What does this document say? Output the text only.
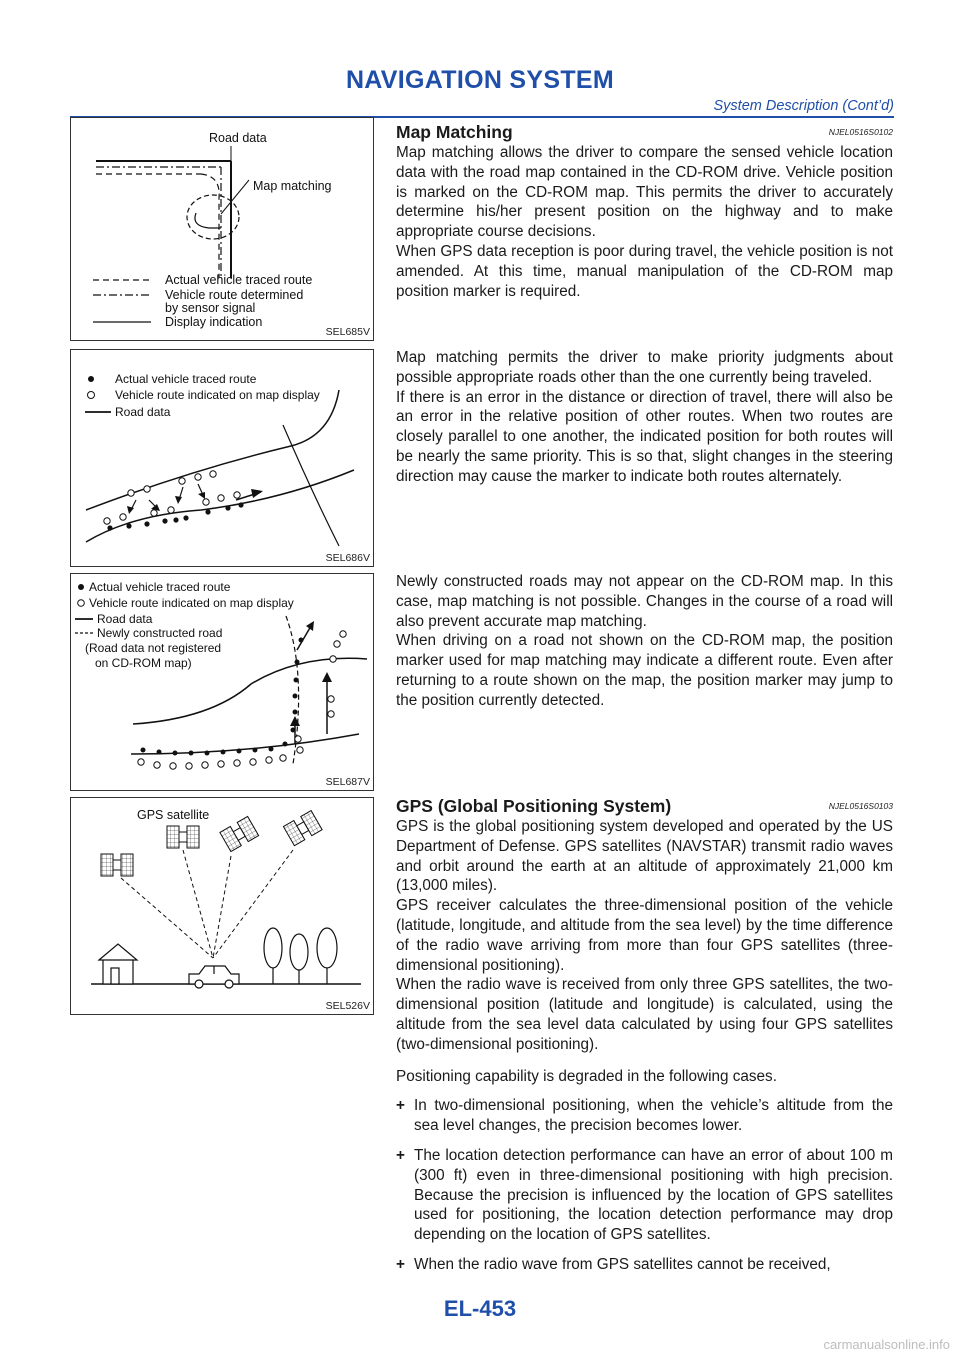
NAVIGATION SYSTEM
System Description (Cont’d)
Road data
Map matching
Actual vehicle traced route
Vehicle route determined
by sensor signal
Display indication
SEL685V
Actual vehicle traced route
Vehicle route indicated on map display
Road data
SEL686V
Actual vehicle traced route
Vehicle route indicated on map display
Road data
Newly constructed road
(Road data not registered
on CD-ROM map)
SEL687V
GPS satellite
SEL526V
Map Matching	NJEL0516S0102

Map matching allows the driver to compare the sensed vehicle location data with the road map contained in the CD-ROM drive. Vehicle position is marked on the CD-ROM map. This permits the driver to accurately determine his/her present position on the highway and to make appropriate course decisions.

When GPS data reception is poor during travel, the vehicle position is not amended. At this time, manual manipulation of the CD-ROM map position marker is required.

Map matching permits the driver to make priority judgments about possible appropriate roads other than the one currently being traveled.

If there is an error in the distance or direction of travel, there will also be an error in the relative position of other routes. When two routes are closely parallel to one another, the indicated position for both routes will be nearly the same priority. This is so that, slight changes in the steering direction may cause the marker to indicate both routes alternately.

Newly constructed roads may not appear on the CD-ROM map. In this case, map matching is not possible. Changes in the course of a road will also prevent accurate map matching.

When driving on a road not shown on the CD-ROM map, the position marker used for map matching may indicate a different route. Even after returning to a route shown on the map, the position marker may jump to the position currently detected.

GPS (Global Positioning System)	NJEL0516S0103

GPS is the global positioning system developed and operated by the US Department of Defense. GPS satellites (NAVSTAR) transmit radio waves and orbit around the earth at an altitude of approximately 21,000 km (13,000 miles).

GPS receiver calculates the three-dimensional position of the vehicle (latitude, longitude, and altitude from the sea level) by the time difference of the radio wave arriving from more than four GPS satellites (three-dimensional positioning).

When the radio wave is received from only three GPS satellites, the two-dimensional position (latitude and longitude) is calculated, using the altitude from the sea level data calculated by using four GPS satellites (two-dimensional positioning).

Positioning capability is degraded in the following cases.

+ In two-dimensional positioning, when the vehicle’s altitude from the sea level changes, the precision becomes lower.
+ The location detection performance can have an error of about 100 m (300 ft) even in three-dimensional positioning with high precision. Because the precision is influenced by the location of GPS satellites used for positioning, the location detection performance may drop depending on the location of GPS satellites.
+ When the radio wave from GPS satellites cannot be received,
EL-453
carmanualsonline.info
